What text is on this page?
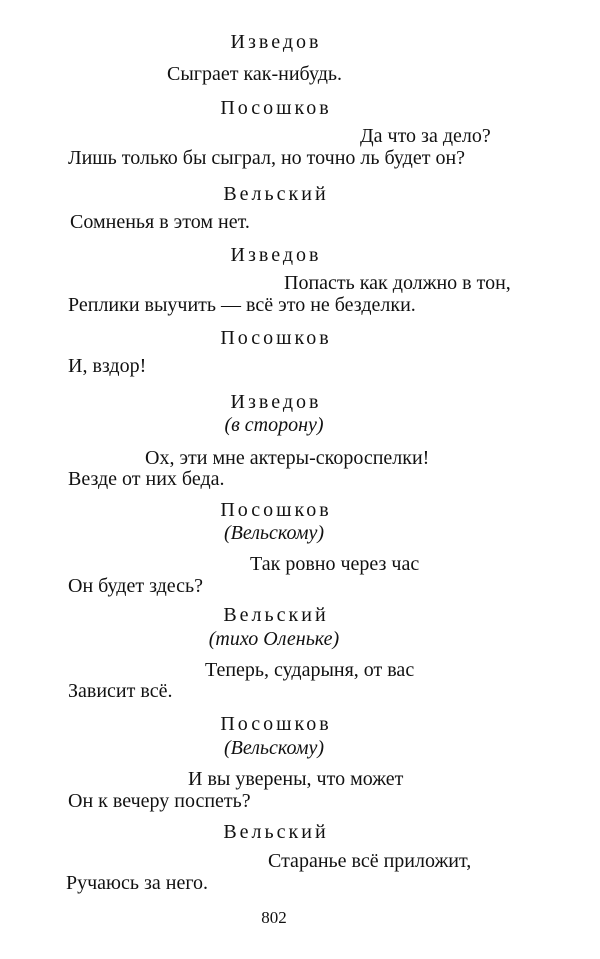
Изведов
Сыграет как-нибудь.
Посошков
Да что за дело?
Лишь только бы сыграл, но точно ль будет он?
Вельский
Сомненья в этом нет.
Изведов
Попасть как должно в тон,
Реплики выучить — всё это не безделки.
Посошков
И, вздор!
Изведов
(в сторону)
Ох, эти мне актеры-скороспелки!
Везде от них беда.
Посошков
(Вельскому)
Так ровно через час
Он будет здесь?
Вельский
(тихо Оленьке)
Теперь, сударыня, от вас
Зависит всё.
Посошков
(Вельскому)
И вы уверены, что может
Он к вечеру поспеть?
Вельский
Старанье всё приложит,
Ручаюсь за него.
802
